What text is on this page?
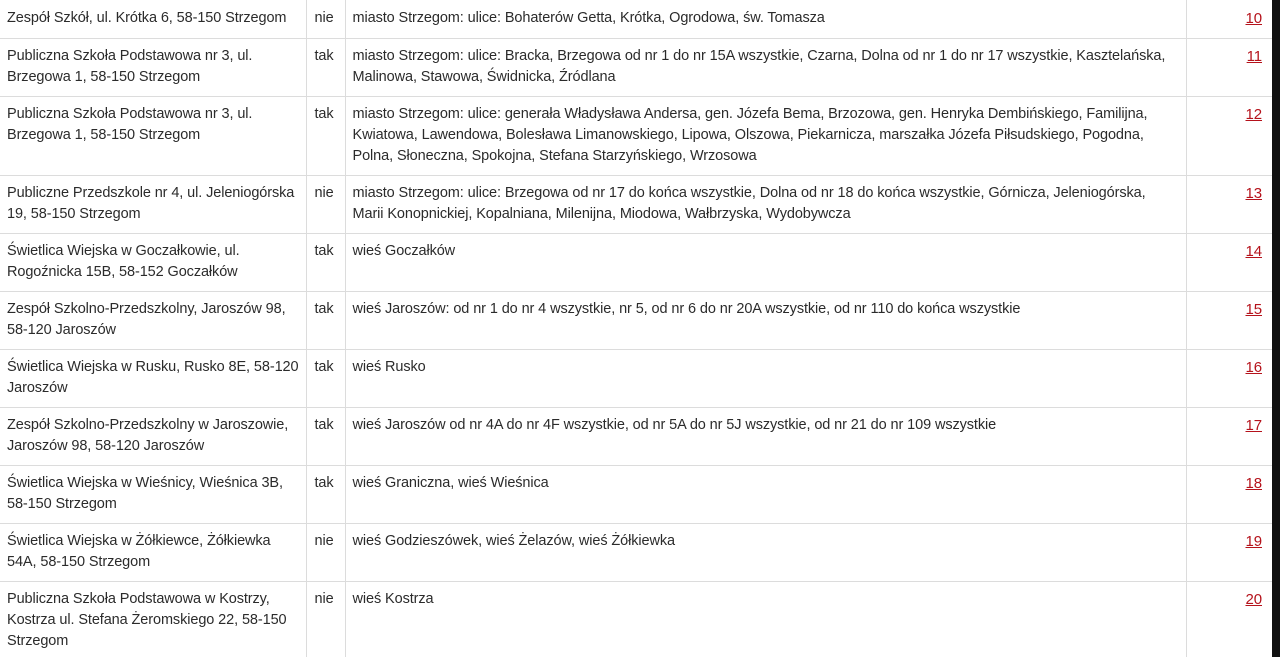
Zespół Szkół, ul. Krótka 6, 58-150 Strzegom	nie	miasto Strzegom: ulice: Bohaterów Getta, Krótka, Ogrodowa, św. Tomasza	10
Publiczna Szkoła Podstawowa nr 3, ul. Brzegowa 1, 58-150 Strzegom	tak	miasto Strzegom: ulice: Bracka, Brzegowa od nr 1 do nr 15A wszystkie, Czarna, Dolna od nr 1 do nr 17 wszystkie, Kasztelańska, Malinowa, Stawowa, Świdnicka, Źródlana	11
Publiczna Szkoła Podstawowa nr 3, ul. Brzegowa 1, 58-150 Strzegom	tak	miasto Strzegom: ulice: generała Władysława Andersa, gen. Józefa Bema, Brzozowa, gen. Henryka Dembińskiego, Familijna, Kwiatowa, Lawendowa, Bolesława Limanowskiego, Lipowa, Olszowa, Piekarnicza, marszałka Józefa Piłsudskiego, Pogodna, Polna, Słoneczna, Spokojna, Stefana Starzyńskiego, Wrzosowa	12
Publiczne Przedszkole nr 4, ul. Jeleniogórska 19, 58-150 Strzegom	nie	miasto Strzegom: ulice: Brzegowa od nr 17 do końca wszystkie, Dolna od nr 18 do końca wszystkie, Górnicza, Jeleniogórska, Marii Konopnickiej, Kopalniana, Milenijna, Miodowa, Wałbrzyska, Wydobywcza	13
Świetlica Wiejska w Goczałkowie, ul. Rogoźnicka 15B, 58-152 Goczałków	tak	wieś Goczałków	14
Zespół Szkolno-Przedszkolny, Jaroszów 98, 58-120 Jaroszów	tak	wieś Jaroszów: od nr 1 do nr 4 wszystkie, nr 5, od nr 6 do nr 20A wszystkie, od nr 110 do końca wszystkie	15
Świetlica Wiejska w Rusku, Rusko 8E, 58-120 Jaroszów	tak	wieś Rusko	16
Zespół Szkolno-Przedszkolny w Jaroszowie, Jaroszów 98, 58-120 Jaroszów	tak	wieś Jaroszów od nr 4A do nr 4F wszystkie, od nr 5A do nr 5J wszystkie, od nr 21 do nr 109 wszystkie	17
Świetlica Wiejska w Wieśnicy, Wieśnica 3B, 58-150 Strzegom	tak	wieś Graniczna, wieś Wieśnica	18
Świetlica Wiejska w Żółkiewce, Żółkiewka 54A, 58-150 Strzegom	nie	wieś Godzieszówek, wieś Żelazów, wieś Żółkiewka	19
Publiczna Szkoła Podstawowa w Kostrzy, Kostrza ul. Stefana Żeromskiego 22, 58-150 Strzegom	nie	wieś Kostrza	20
